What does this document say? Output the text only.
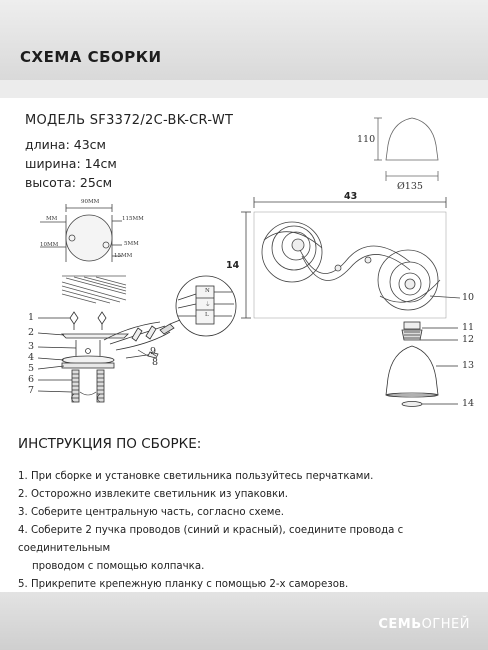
СХЕМА СБОРКИ
МОДЕЛЬ SF3372/2C-BK-CR-WT
длина: 43см
ширина: 14см
высота: 25см
110
Ø135
90MM
MM	115MM
10MM	5MM
15MM
43
14
N
⏚
L
1
2
3
4
5
6
7
8
9
10
11
12
13
14
ИНСТРУКЦИЯ ПО СБОРКЕ:
1. При сборке и установке светильника пользуйтесь перчатками.
2. Осторожно извлеките светильник из упаковки.
3. Соберите центральную часть, согласно схеме.
4. Соберите 2 пучка проводов (синий и красный), соедините провода с соединительным
проводом с помощью колпачка.
5. Прикрепите крепежную планку с помощью 2-х саморезов.
СЕМЬОГНЕЙ
